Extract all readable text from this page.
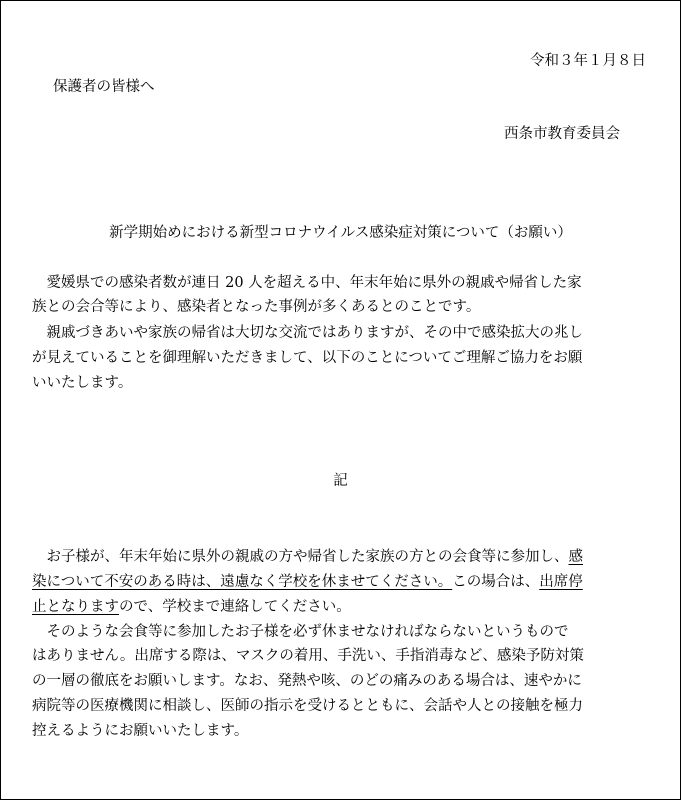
令和３年１月８日
保護者の皆様へ
西条市教育委員会
新学期始めにおける新型コロナウイルス感染症対策について（お願い）
　愛媛県での感染者数が連日 20 人を超える中、年末年始に県外の親戚や帰省した家
族との会合等により、感染者となった事例が多くあるとのことです。
　親戚づきあいや家族の帰省は大切な交流ではありますが、その中で感染拡大の兆し
が見えていることを御理解いただきまして、以下のことについてご理解ご協力をお願
いいたします。
記
　お子様が、年末年始に県外の親戚の方や帰省した家族の方との会食等に参加し、感
染について不安のある時は、遠慮なく学校を休ませてください。この場合は、出席停
止となりますので、学校まで連絡してください。
　そのような会食等に参加したお子様を必ず休ませなければならないというもので
はありません。出席する際は、マスクの着用、手洗い、手指消毒など、感染予防対策
の一層の徹底をお願いします。なお、発熱や咳、のどの痛みのある場合は、速やかに
病院等の医療機関に相談し、医師の指示を受けるとともに、会話や人との接触を極力
控えるようにお願いいたします。
